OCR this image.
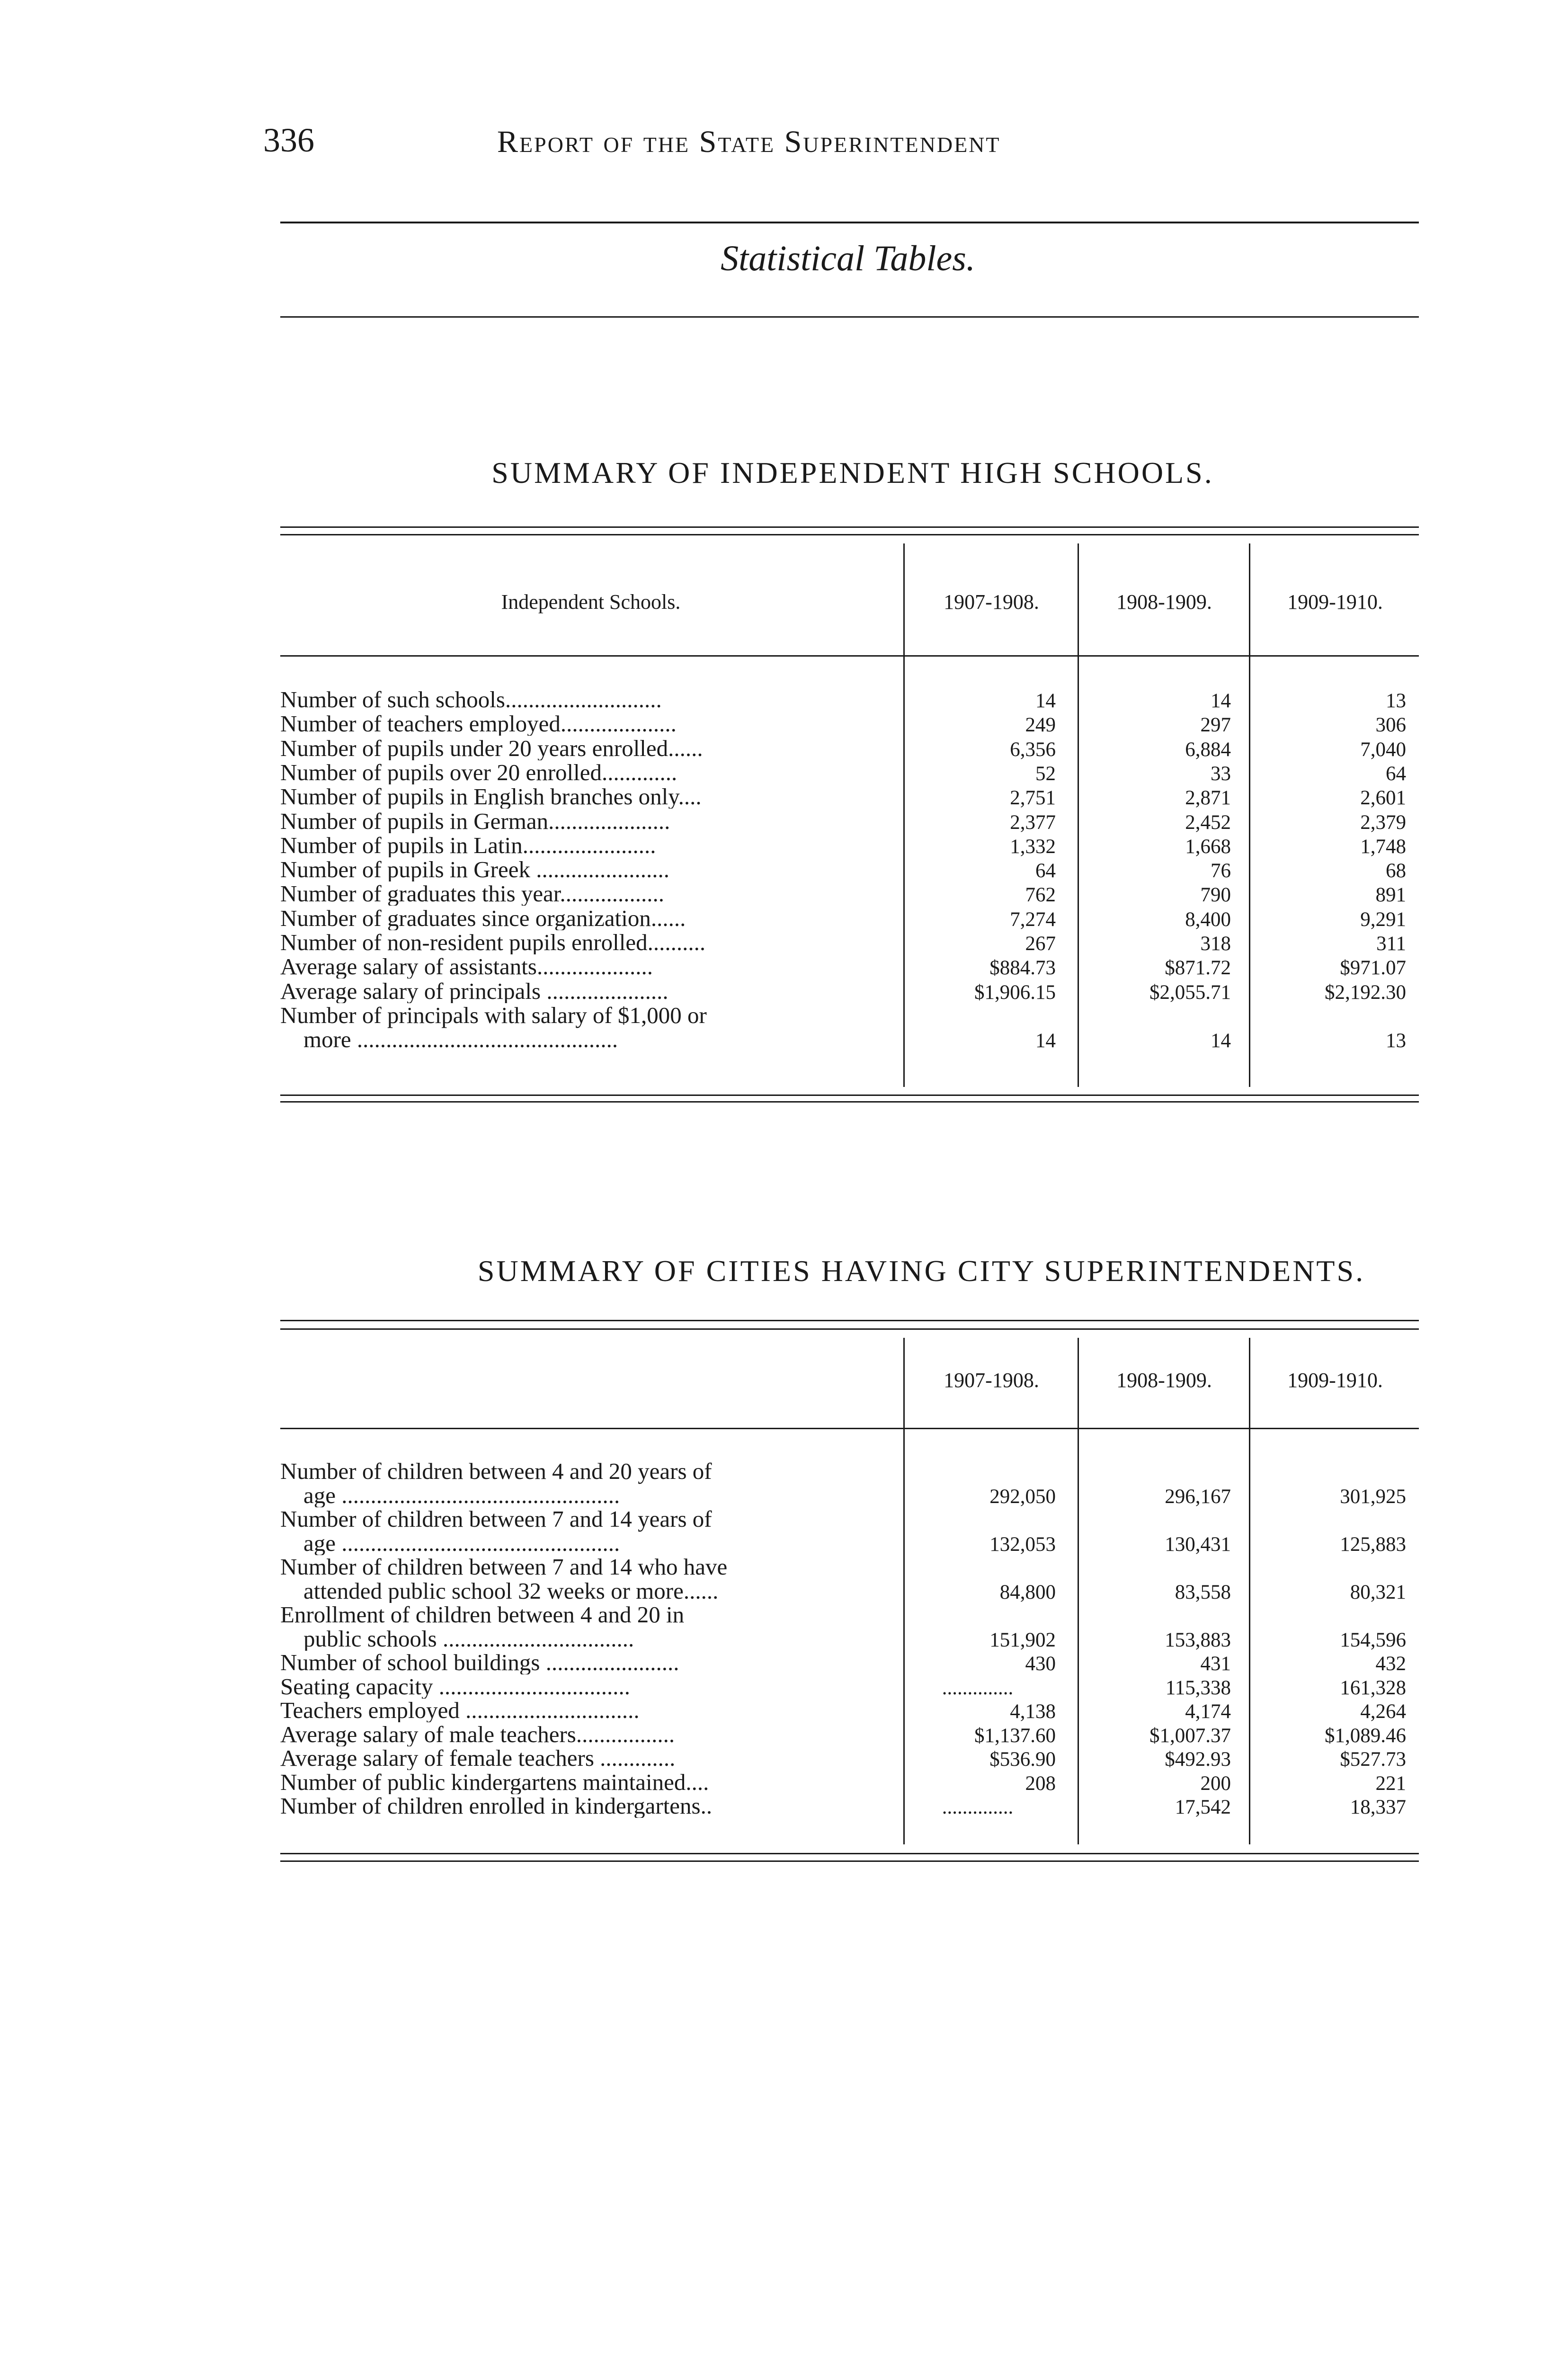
336	Report of the State Superintendent
Statistical Tables.
SUMMARY OF INDEPENDENT HIGH SCHOOLS.
Independent Schools.	1907-1908.	1908-1909.	1909-1910.
Number of such schools...........................	14	14	13
Number of teachers employed....................	249	297	306
Number of pupils under 20 years enrolled......	6,356	6,884	7,040
Number of pupils over 20 enrolled.............	52	33	64
Number of pupils in English branches only....	2,751	2,871	2,601
Number of pupils in German.....................	2,377	2,452	2,379
Number of pupils in Latin.......................	1,332	1,668	1,748
Number of pupils in Greek .......................	64	76	68
Number of graduates this year..................	762	790	891
Number of graduates since organization......	7,274	8,400	9,291
Number of non-resident pupils enrolled..........	267	318	311
Average salary of assistants....................	$884.73	$871.72	$971.07
Average salary of principals .....................	$1,906.15	$2,055.71	$2,192.30
Number of principals with salary of $1,000 or
more .............................................	14	14	13
SUMMARY OF CITIES HAVING CITY SUPERINTENDENTS.
1907-1908.	1908-1909.	1909-1910.
Number of children between 4 and 20 years of
age ................................................	292,050	296,167	301,925
Number of children between 7 and 14 years of
age ................................................	132,053	130,431	125,883
Number of children between 7 and 14 who have
attended public school 32 weeks or more......	84,800	83,558	80,321
Enrollment of children between 4 and 20 in
public schools .................................	151,902	153,883	154,596
Number of school buildings .......................	430	431	432
Seating capacity .................................	..............	115,338	161,328
Teachers employed ..............................	4,138	4,174	4,264
Average salary of male teachers.................	$1,137.60	$1,007.37	$1,089.46
Average salary of female teachers .............	$536.90	$492.93	$527.73
Number of public kindergartens maintained....	208	200	221
Number of children enrolled in kindergartens..	..............	17,542	18,337
